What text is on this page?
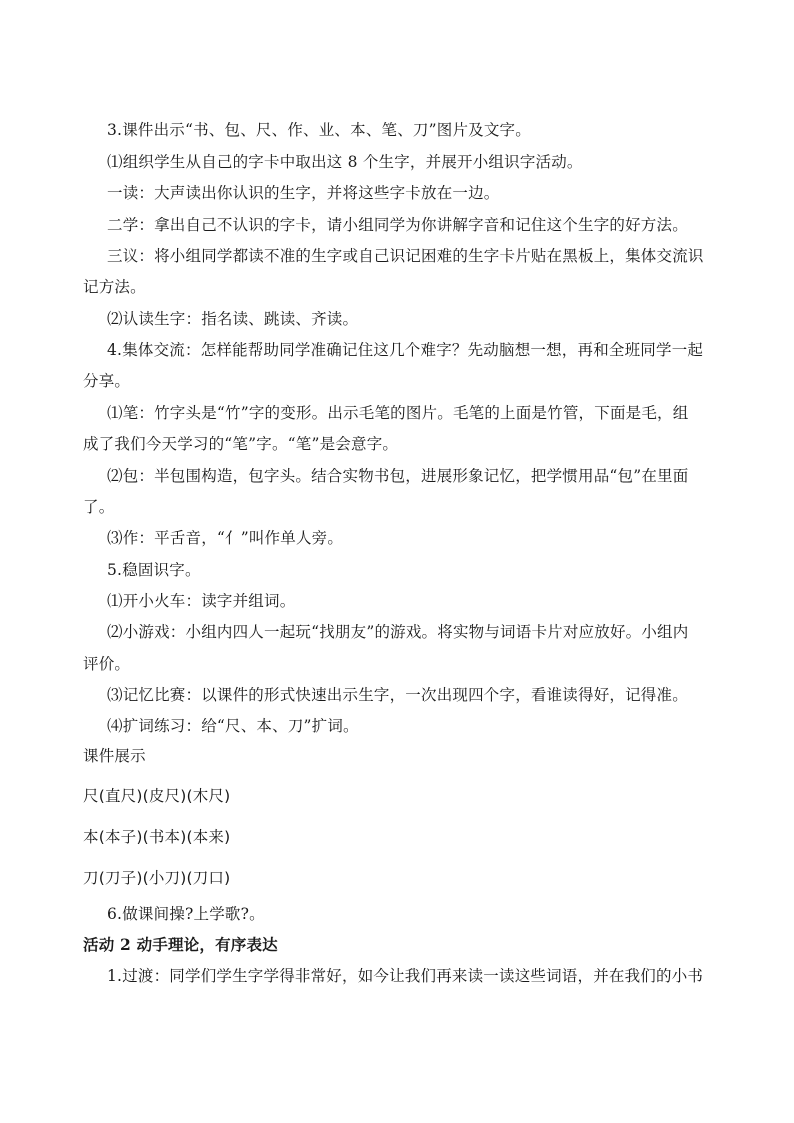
3.课件出示“书、包、尺、作、业、本、笔、刀”图片及文字。
⑴组织学生从自己的字卡中取出这 8 个生字，并展开小组识字活动。
一读：大声读出你认识的生字，并将这些字卡放在一边。
二学：拿出自己不认识的字卡，请小组同学为你讲解字音和记住这个生字的好方法。
三议：将小组同学都读不准的生字或自己识记困难的生字卡片贴在黑板上，集体交流识
记方法。
⑵认读生字：指名读、跳读、齐读。
4.集体交流：怎样能帮助同学准确记住这几个难字？先动脑想一想，再和全班同学一起
分享。
⑴笔：竹字头是“竹”字的变形。出示毛笔的图片。毛笔的上面是竹管，下面是毛，组
成了我们今天学习的“笔”字。“笔”是会意字。
⑵包：半包围构造，包字头。结合实物书包，进展形象记忆，把学惯用品“包”在里面
了。
⑶作：平舌音，“亻”叫作单人旁。
5.稳固识字。
⑴开小火车：读字并组词。
⑵小游戏：小组内四人一起玩“找朋友”的游戏。将实物与词语卡片对应放好。小组内
评价。
⑶记忆比赛：以课件的形式快速出示生字，一次出现四个字，看谁读得好，记得准。
⑷扩词练习：给“尺、本、刀”扩词。
课件展示
尺(直尺)(皮尺)(木尺)
本(本子)(书本)(本来)
刀(刀子)(小刀)(刀口)
6.做课间操?上学歌?。
活动 2 动手理论，有序表达
1.过渡：同学们学生字学得非常好，如今让我们再来读一读这些词语，并在我们的小书
